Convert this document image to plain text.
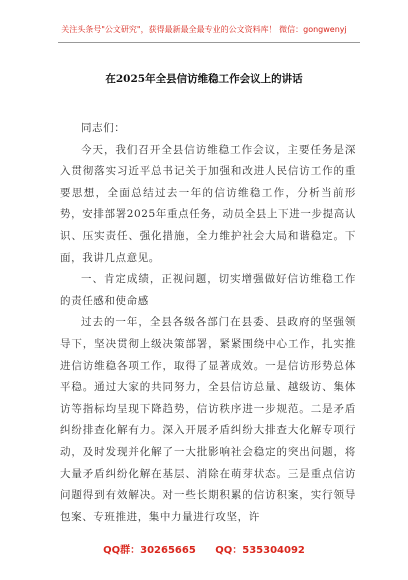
关注头条号"公文研究"，获得最新最全最专业的公文资料库！ 微信：gongwenyj
在2025年全县信访维稳工作会议上的讲话

同志们：

今天，我们召开全县信访维稳工作会议，主要任务是深入贯彻落实习近平总书记关于加强和改进人民信访工作的重要思想，全面总结过去一年的信访维稳工作，分析当前形势，安排部署2025年重点任务，动员全县上下进一步提高认识、压实责任、强化措施，全力维护社会大局和谐稳定。下面，我讲几点意见。

一、肯定成绩，正视问题，切实增强做好信访维稳工作的责任感和使命感

过去的一年，全县各级各部门在县委、县政府的坚强领导下，坚决贯彻上级决策部署，紧紧围绕中心工作，扎实推进信访维稳各项工作，取得了显著成效。一是信访形势总体平稳。通过大家的共同努力，全县信访总量、越级访、集体访等指标均呈现下降趋势，信访秩序进一步规范。二是矛盾纠纷排查化解有力。深入开展矛盾纠纷大排查大化解专项行动，及时发现并化解了一大批影响社会稳定的突出问题，将大量矛盾纠纷化解在基层、消除在萌芽状态。三是重点信访问题得到有效解决。对一些长期积累的信访积案，实行领导包案、专班推进，集中力量进行攻坚，许

QQ群：30265665 QQ：535304092
